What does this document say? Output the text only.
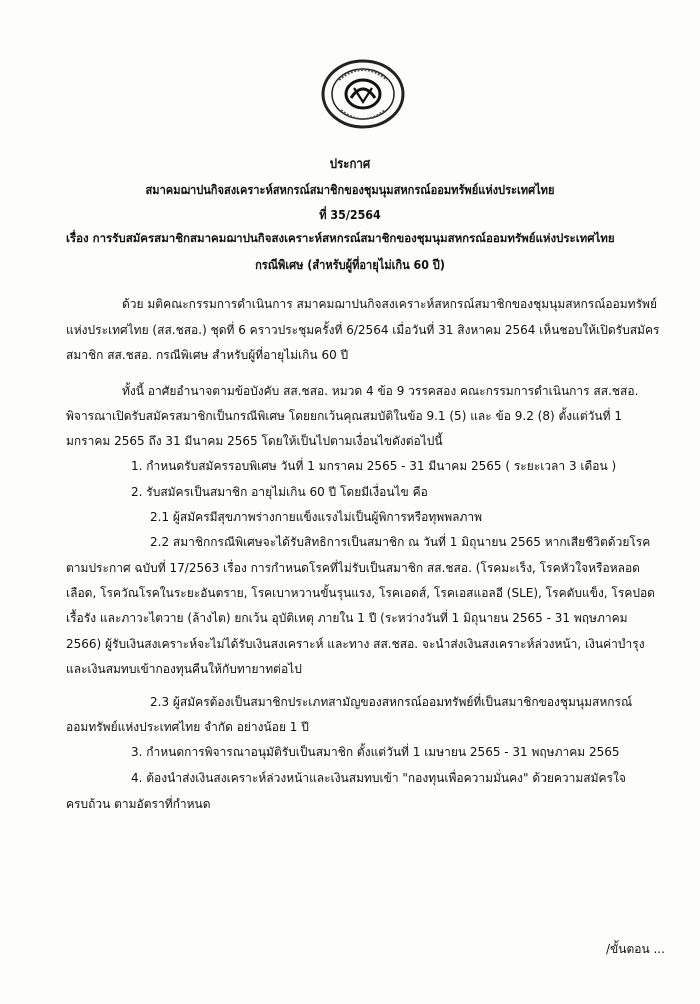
ประกาศ
สมาคมฌาปนกิจสงเคราะห์สหกรณ์สมาชิกของชุมนุมสหกรณ์ออมทรัพย์แห่งประเทศไทย
ที่ 35/2564
เรื่อง การรับสมัครสมาชิกสมาคมฌาปนกิจสงเคราะห์สหกรณ์สมาชิกของชุมนุมสหกรณ์ออมทรัพย์แห่งประเทศไทย
กรณีพิเศษ (สำหรับผู้ที่อายุไม่เกิน 60 ปี)
ด้วย มติคณะกรรมการดำเนินการ สมาคมฌาปนกิจสงเคราะห์สหกรณ์สมาชิกของชุมนุมสหกรณ์ออมทรัพย์
แห่งประเทศไทย (สส.ชสอ.) ชุดที่ 6 คราวประชุมครั้งที่ 6/2564 เมื่อวันที่ 31 สิงหาคม 2564 เห็นชอบให้เปิดรับสมัคร
สมาชิก สส.ชสอ. กรณีพิเศษ สำหรับผู้ที่อายุไม่เกิน 60 ปี
ทั้งนี้ อาศัยอำนาจตามข้อบังคับ สส.ชสอ. หมวด 4 ข้อ 9 วรรคสอง คณะกรรมการดำเนินการ สส.ชสอ.
พิจารณาเปิดรับสมัครสมาชิกเป็นกรณีพิเศษ โดยยกเว้นคุณสมบัติในข้อ 9.1 (5) และ ข้อ 9.2 (8) ตั้งแต่วันที่ 1
มกราคม 2565 ถึง 31 มีนาคม 2565 โดยให้เป็นไปตามเงื่อนไขดังต่อไปนี้
1. กำหนดรับสมัครรอบพิเศษ วันที่ 1 มกราคม 2565 - 31 มีนาคม 2565 ( ระยะเวลา 3 เดือน )
2. รับสมัครเป็นสมาชิก อายุไม่เกิน 60 ปี โดยมีเงื่อนไข คือ
2.1 ผู้สมัครมีสุขภาพร่างกายแข็งแรงไม่เป็นผู้พิการหรือทุพพลภาพ
2.2 สมาชิกกรณีพิเศษจะได้รับสิทธิการเป็นสมาชิก ณ วันที่ 1 มิถุนายน 2565 หากเสียชีวิตด้วยโรค
ตามประกาศ ฉบับที่ 17/2563 เรื่อง การกำหนดโรคที่ไม่รับเป็นสมาชิก สส.ชสอ. (โรคมะเร็ง, โรคหัวใจหรือหลอด
เลือด, โรควัณโรคในระยะอันตราย, โรคเบาหวานขั้นรุนแรง, โรคเอดส์, โรคเอสแอลอี (SLE), โรคตับแข็ง, โรคปอด
เรื้อรัง และภาวะไตวาย (ล้างไต) ยกเว้น อุบัติเหตุ ภายใน 1 ปี (ระหว่างวันที่ 1 มิถุนายน 2565 - 31 พฤษภาคม
2566) ผู้รับเงินสงเคราะห์จะไม่ได้รับเงินสงเคราะห์ และทาง สส.ชสอ. จะนำส่งเงินสงเคราะห์ล่วงหน้า, เงินค่าบำรุง
และเงินสมทบเข้ากองทุนคืนให้กับทายาทต่อไป
2.3 ผู้สมัครต้องเป็นสมาชิกประเภทสามัญของสหกรณ์ออมทรัพย์ที่เป็นสมาชิกของชุมนุมสหกรณ์
ออมทรัพย์แห่งประเทศไทย จำกัด อย่างน้อย 1 ปี
3. กำหนดการพิจารณาอนุมัติรับเป็นสมาชิก ตั้งแต่วันที่ 1 เมษายน 2565 - 31 พฤษภาคม 2565
4. ต้องนำส่งเงินสงเคราะห์ล่วงหน้าและเงินสมทบเข้า "กองทุนเพื่อความมั่นคง" ด้วยความสมัครใจ
ครบถ้วน ตามอัตราที่กำหนด
/ขั้นตอน ...
